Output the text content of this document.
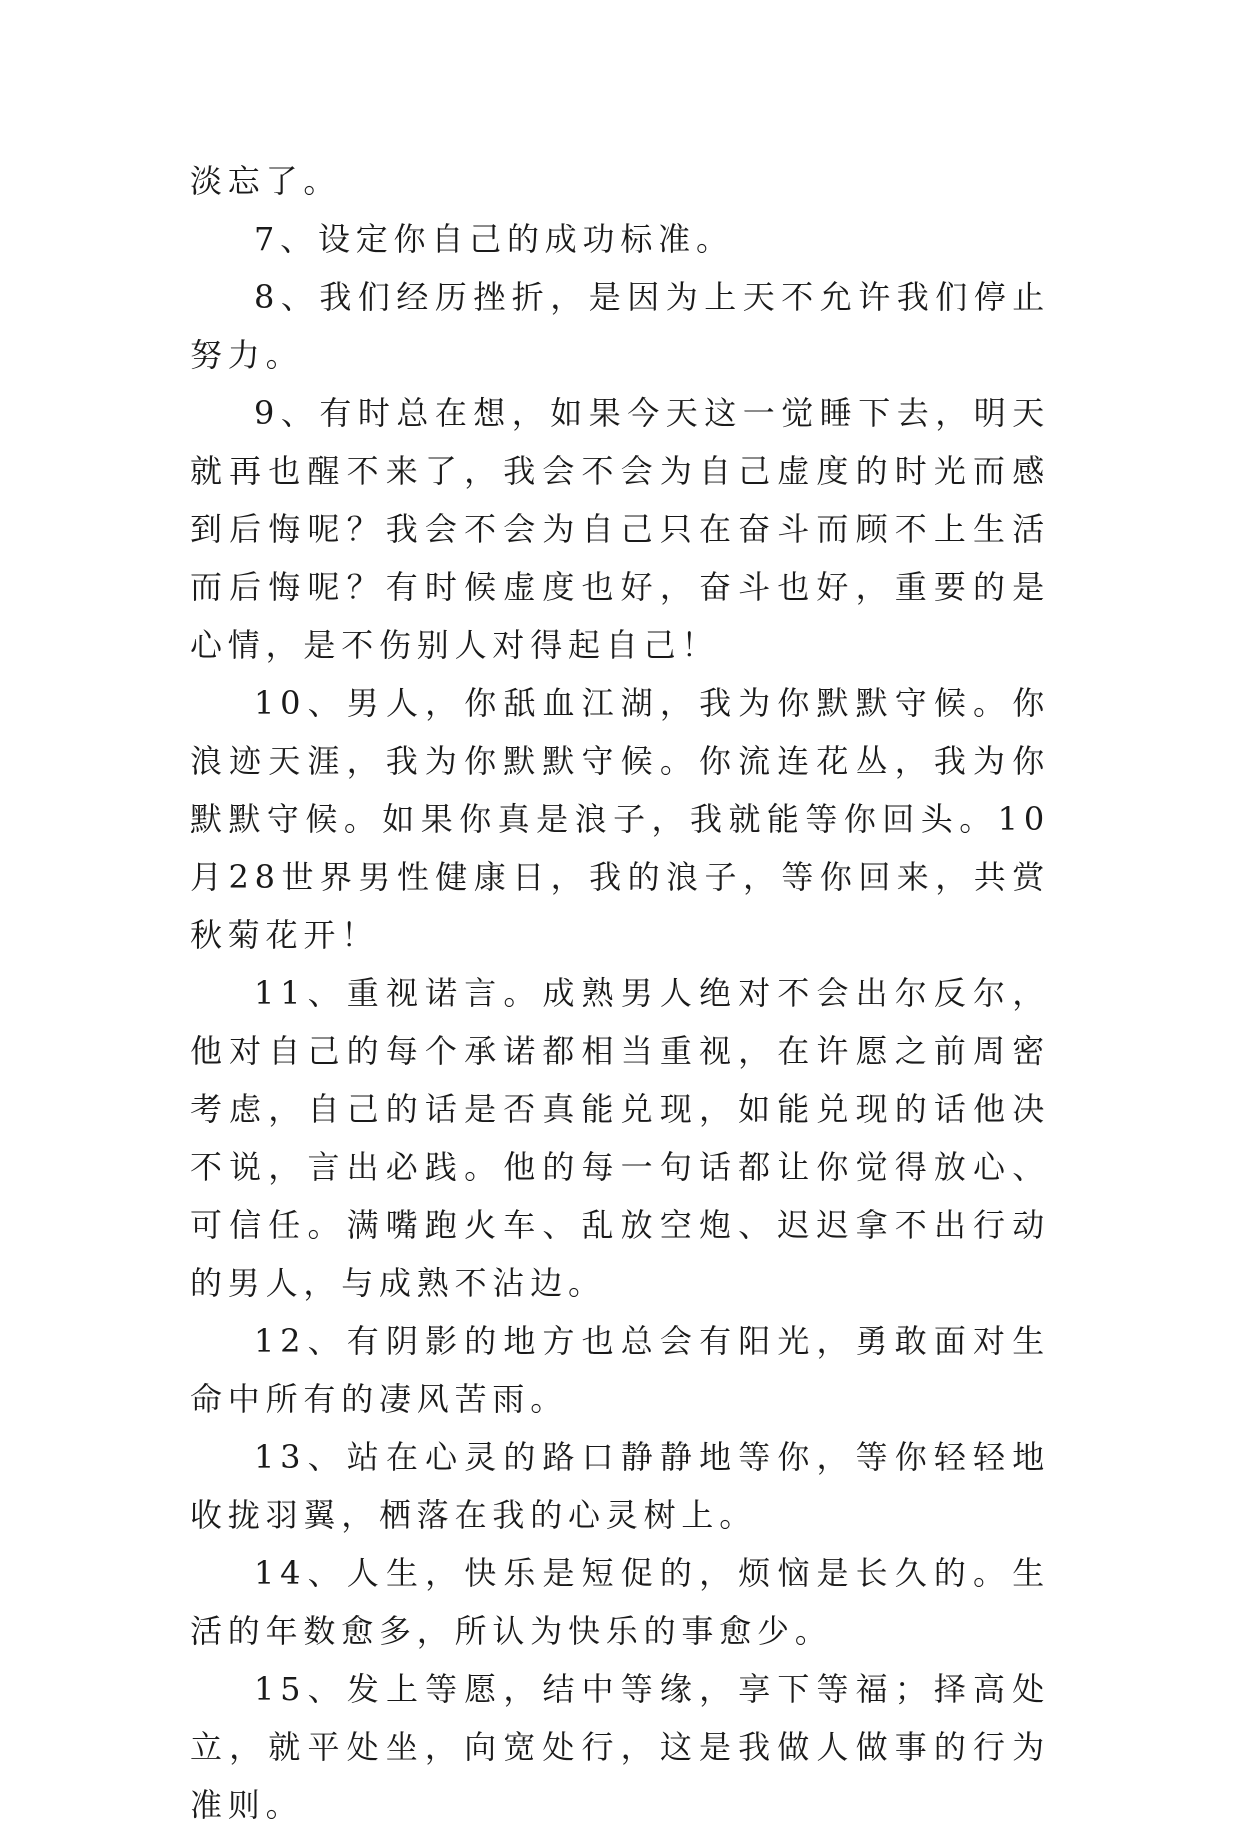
淡忘了。

7、设定你自己的成功标准。

8、我们经历挫折，是因为上天不允许我们停止努力。

9、有时总在想，如果今天这一觉睡下去，明天就再也醒不来了，我会不会为自己虚度的时光而感到后悔呢？我会不会为自己只在奋斗而顾不上生活而后悔呢？有时候虚度也好，奋斗也好，重要的是心情，是不伤别人对得起自己！

10、男人，你舐血江湖，我为你默默守候。你浪迹天涯，我为你默默守候。你流连花丛，我为你默默守候。如果你真是浪子，我就能等你回头。10月28世界男性健康日，我的浪子，等你回来，共赏秋菊花开！

11、重视诺言。成熟男人绝对不会出尔反尔，他对自己的每个承诺都相当重视，在许愿之前周密考虑，自己的话是否真能兑现，如能兑现的话他决不说，言出必践。他的每一句话都让你觉得放心、可信任。满嘴跑火车、乱放空炮、迟迟拿不出行动的男人，与成熟不沾边。

12、有阴影的地方也总会有阳光，勇敢面对生命中所有的凄风苦雨。

13、站在心灵的路口静静地等你，等你轻轻地收拢羽翼，栖落在我的心灵树上。

14、人生，快乐是短促的，烦恼是长久的。生活的年数愈多，所认为快乐的事愈少。

15、发上等愿，结中等缘，享下等福；择高处立，就平处坐，向宽处行，这是我做人做事的行为准则。
